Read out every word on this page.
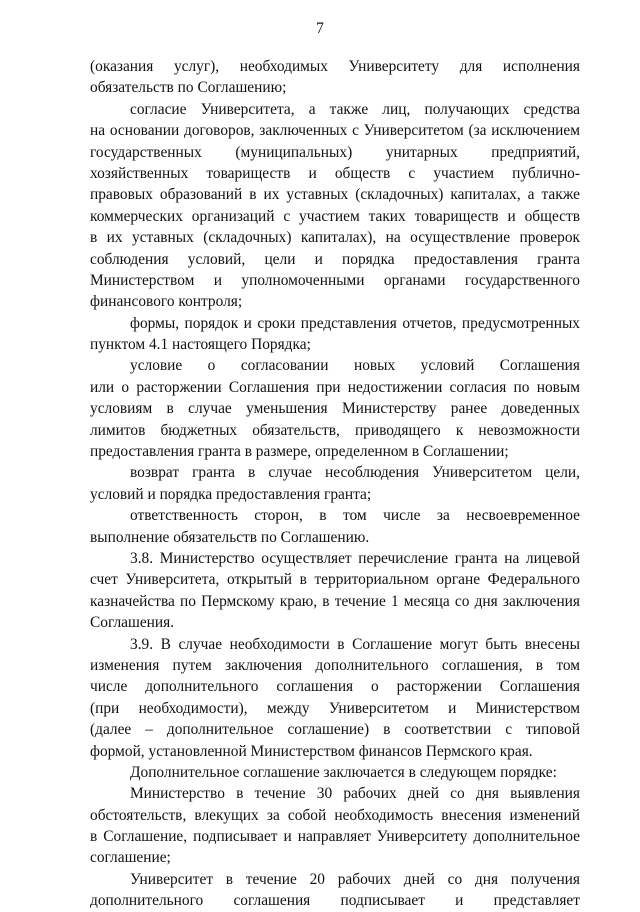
7
(оказания услуг), необходимых Университету для исполнения
обязательств по Соглашению;
согласие Университета, а также лиц, получающих средства
на основании договоров, заключенных с Университетом (за исключением
государственных (муниципальных) унитарных предприятий,
хозяйственных товариществ и обществ с участием публично-
правовых образований в их уставных (складочных) капиталах, а также
коммерческих организаций с участием таких товариществ и обществ
в их уставных (складочных) капиталах), на осуществление проверок
соблюдения условий, цели и порядка предоставления гранта
Министерством и уполномоченными органами государственного
финансового контроля;
формы, порядок и сроки представления отчетов, предусмотренных
пунктом 4.1 настоящего Порядка;
условие о согласовании новых условий Соглашения
или о расторжении Соглашения при недостижении согласия по новым
условиям в случае уменьшения Министерству ранее доведенных
лимитов бюджетных обязательств, приводящего к невозможности
предоставления гранта в размере, определенном в Соглашении;
возврат гранта в случае несоблюдения Университетом цели,
условий и порядка предоставления гранта;
ответственность сторон, в том числе за несвоевременное
выполнение обязательств по Соглашению.
3.8. Министерство осуществляет перечисление гранта на лицевой
счет Университета, открытый в территориальном органе Федерального
казначейства по Пермскому краю, в течение 1 месяца со дня заключения
Соглашения.
3.9. В случае необходимости в Соглашение могут быть внесены
изменения путем заключения дополнительного соглашения, в том
числе дополнительного соглашения о расторжении Соглашения
(при необходимости), между Университетом и Министерством
(далее – дополнительное соглашение) в соответствии с типовой
формой, установленной Министерством финансов Пермского края.
Дополнительное соглашение заключается в следующем порядке:
Министерство в течение 30 рабочих дней со дня выявления
обстоятельств, влекущих за собой необходимость внесения изменений
в Соглашение, подписывает и направляет Университету дополнительное
соглашение;
Университет в течение 20 рабочих дней со дня получения
дополнительного соглашения подписывает и представляет
